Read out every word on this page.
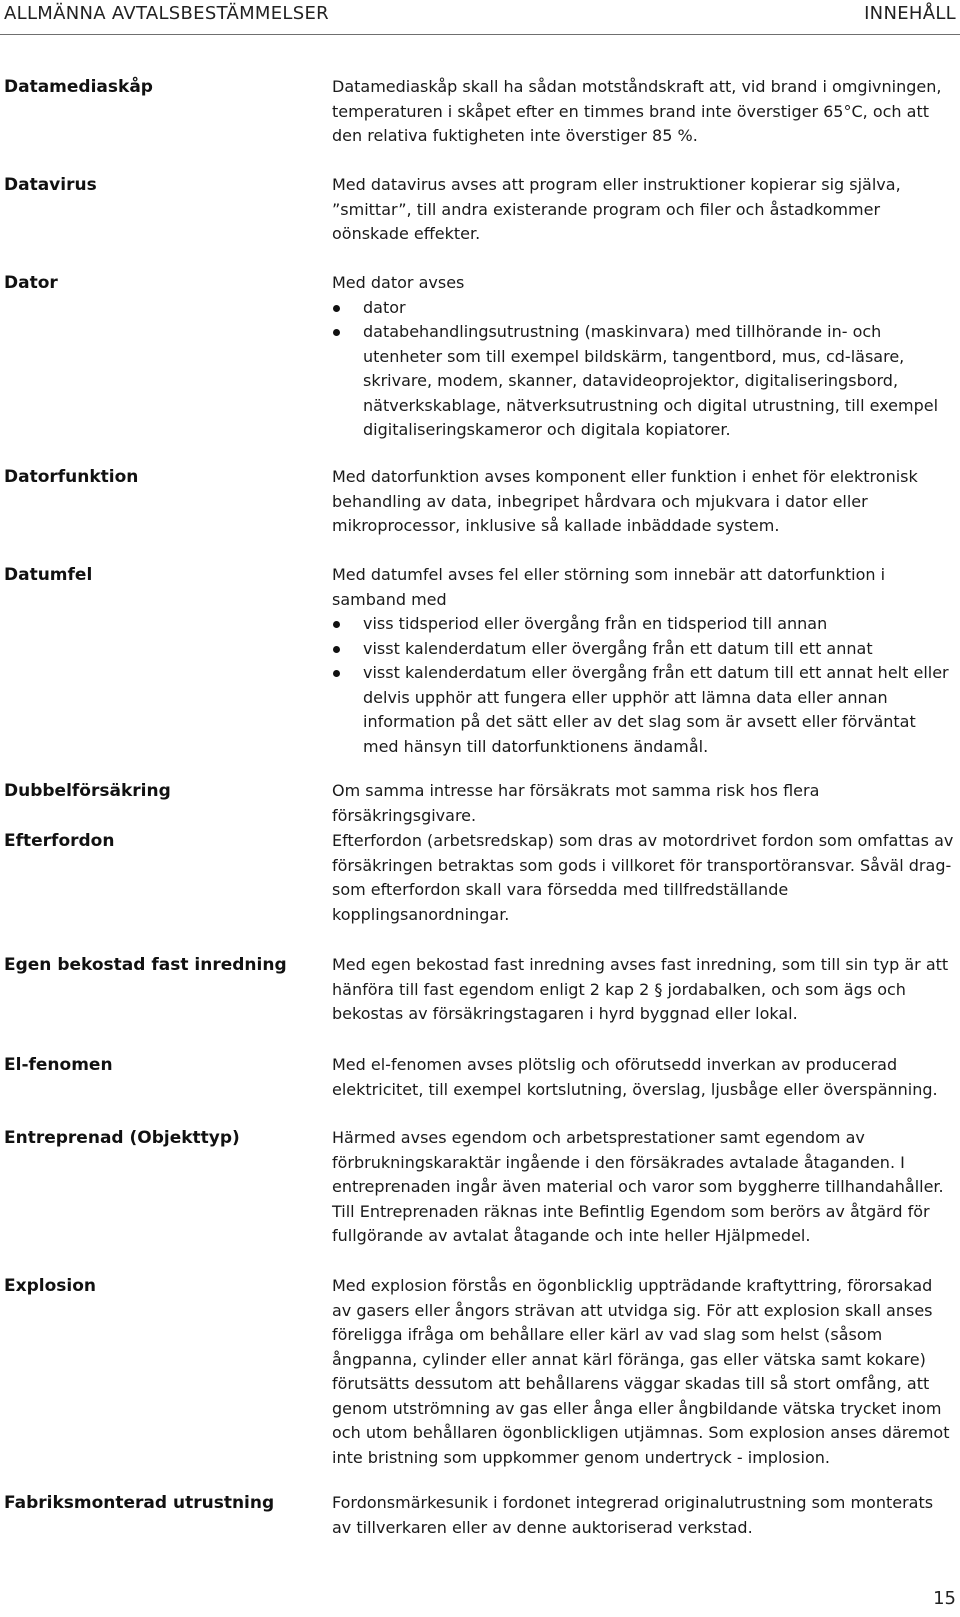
ALLMÄNNA AVTALSBESTÄMMELSER	INNEHÅLL
Datamediaskåp	Datamediaskåp skall ha sådan motståndskraft att, vid brand i omgivningen, temperaturen i skåpet efter en timmes brand inte överstiger 65°C, och att den relativa fuktigheten inte överstiger 85 %.

Datavirus	Med datavirus avses att program eller instruktioner kopierar sig själva, ”smittar”, till andra existerande program och filer och åstadkommer oönskade effekter.

Dator	Med dator avses

dator
databehandlingsutrustning (maskinvara) med tillhörande in- och utenheter som till exempel bildskärm, tangentbord, mus, cd-läsare, skrivare, modem, skanner, datavideoprojektor, digitaliseringsbord, nätverkskablage, nätverksutrustning och digital utrustning, till exempel digitaliseringskameror och digitala kopiatorer.
Datorfunktion	Med datorfunktion avses komponent eller funktion i enhet för elektronisk behandling av data, inbegripet hårdvara och mjukvara i dator eller mikroprocessor, inklusive så kallade inbäddade system.

Datumfel	Med datumfel avses fel eller störning som innebär att datorfunktion i samband med

viss tidsperiod eller övergång från en tidsperiod till annan
visst kalenderdatum eller övergång från ett datum till ett annat
visst kalenderdatum eller övergång från ett datum till ett annat helt eller delvis upphör att fungera eller upphör att lämna data eller annan information på det sätt eller av det slag som är avsett eller förväntat med hänsyn till datorfunktionens ändamål.
Dubbelförsäkring	Om samma intresse har försäkrats mot samma risk hos flera försäkringsgivare.

Efterfordon	Efterfordon (arbetsredskap) som dras av motordrivet fordon som omfattas av försäkringen betraktas som gods i villkoret för transportöransvar. Såväl drag-som efterfordon skall vara försedda med tillfredställande kopplingsanordningar.

Egen bekostad fast inredning	Med egen bekostad fast inredning avses fast inredning, som till sin typ är att hänföra till fast egendom enligt 2 kap 2 § jordabalken, och som ägs och bekostas av försäkringstagaren i hyrd byggnad eller lokal.

El-fenomen	Med el-fenomen avses plötslig och oförutsedd inverkan av producerad elektricitet, till exempel kortslutning, överslag, ljusbåge eller överspänning.

Entreprenad (Objekttyp)	Härmed avses egendom och arbetsprestationer samt egendom av förbrukningskaraktär ingående i den försäkrades avtalade åtaganden. I entreprenaden ingår även material och varor som byggherre tillhandahåller. Till Entreprenaden räknas inte Befintlig Egendom som berörs av åtgärd för fullgörande av avtalat åtagande och inte heller Hjälpmedel.

Explosion	Med explosion förstås en ögonblicklig uppträdande kraftyttring, förorsakad av gasers eller ångors strävan att utvidga sig. För att explosion skall anses föreligga ifråga om behållare eller kärl av vad slag som helst (såsom ångpanna, cylinder eller annat kärl föränga, gas eller vätska samt kokare) förutsätts dessutom att behållarens väggar skadas till så stort omfång, att genom utströmning av gas eller ånga eller ångbildande vätska trycket inom och utom behållaren ögonblickligen utjämnas. Som explosion anses däremot inte bristning som uppkommer genom undertryck - implosion.

Fabriksmonterad utrustning	Fordonsmärkesunik i fordonet integrerad originalutrustning som monterats av tillverkaren eller av denne auktoriserad verkstad.

15
